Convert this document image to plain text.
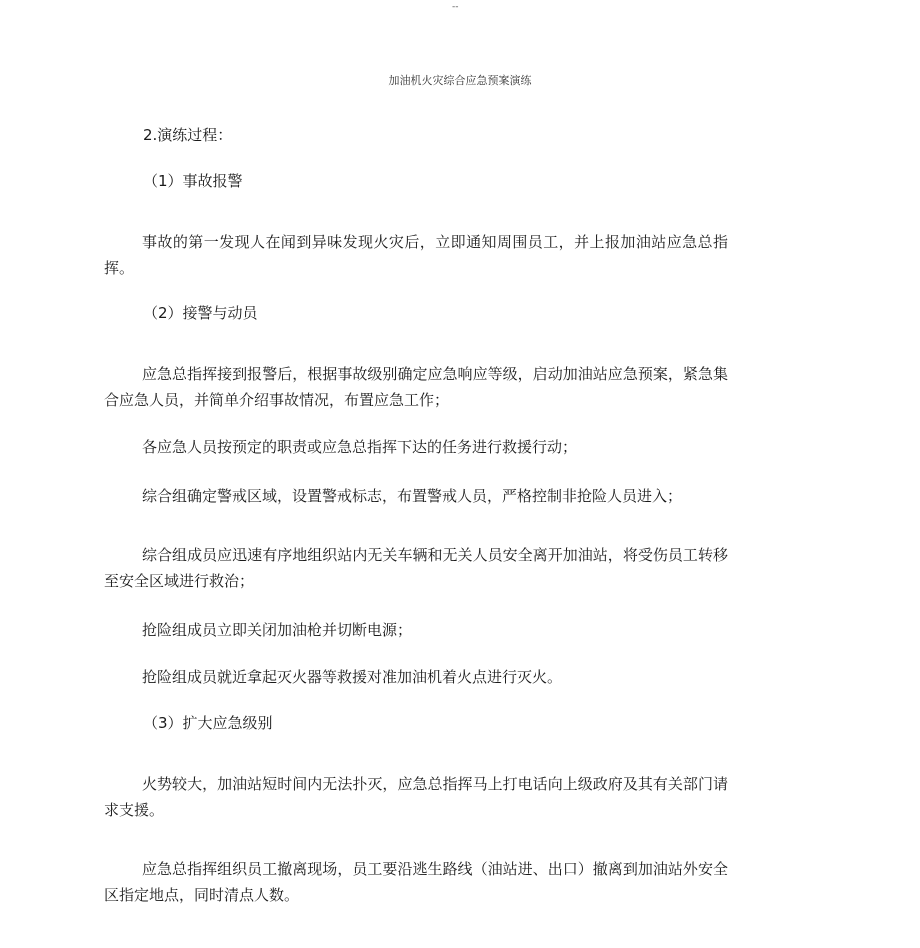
--
加油机火灾综合应急预案演练
2.演练过程：
（1）事故报警
事故的第一发现人在闻到异味发现火灾后，立即通知周围员工，并上报加油站应急总指挥。
（2）接警与动员
应急总指挥接到报警后，根据事故级别确定应急响应等级，启动加油站应急预案，紧急集合应急人员，并简单介绍事故情况，布置应急工作；
各应急人员按预定的职责或应急总指挥下达的任务进行救援行动；
综合组确定警戒区域，设置警戒标志，布置警戒人员，严格控制非抢险人员进入；
综合组成员应迅速有序地组织站内无关车辆和无关人员安全离开加油站，将受伤员工转移至安全区域进行救治；
抢险组成员立即关闭加油枪并切断电源；
抢险组成员就近拿起灭火器等救援对准加油机着火点进行灭火。
（3）扩大应急级别
火势较大，加油站短时间内无法扑灭，应急总指挥马上打电话向上级政府及其有关部门请求支援。
应急总指挥组织员工撤离现场，员工要沿逃生路线（油站进、出口）撤离到加油站外安全区指定地点，同时清点人数。
